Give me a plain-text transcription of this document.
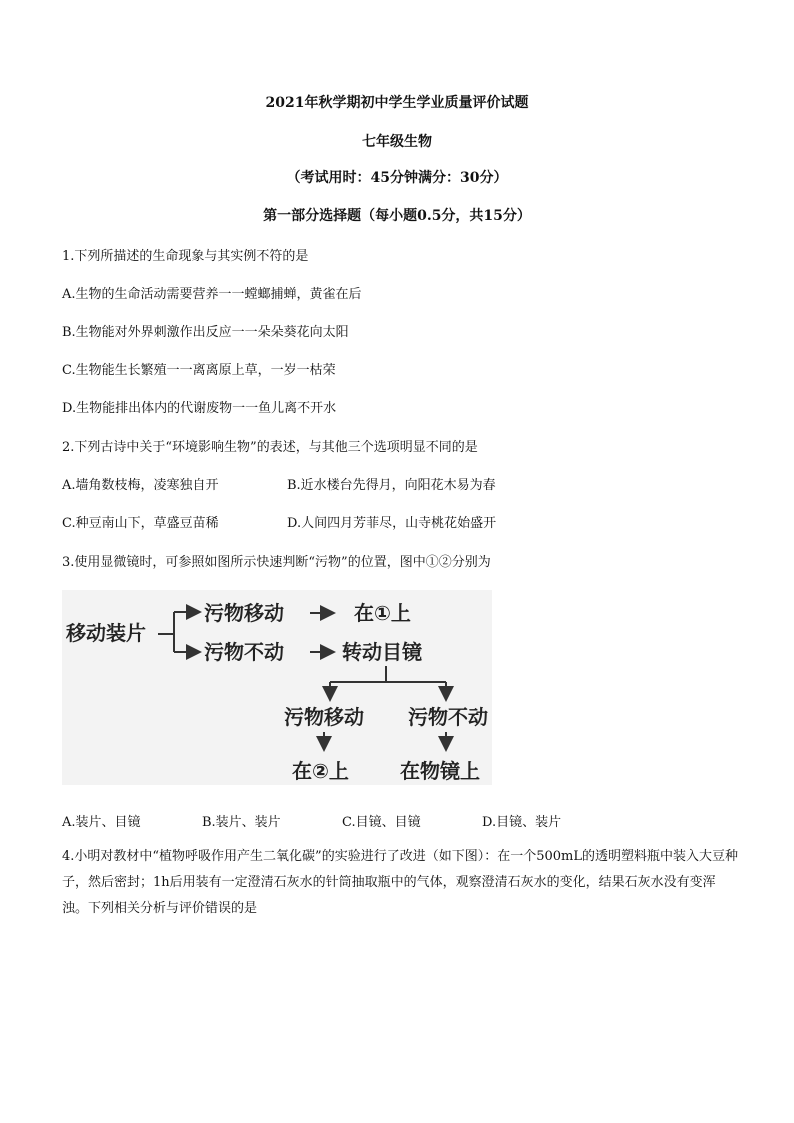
2021年秋学期初中学生学业质量评价试题
七年级生物
（考试用时：45分钟满分：30分）
第一部分选择题（每小题0.5分，共15分）
1.下列所描述的生命现象与其实例不符的是
A.生物的生命活动需要营养一一螳螂捕蝉，黄雀在后
B.生物能对外界刺激作出反应一一朵朵葵花向太阳
C.生物能生长繁殖一一离离原上草，一岁一枯荣
D.生物能排出体内的代谢废物一一鱼儿离不开水
2.下列古诗中关于“环境影响生物”的表述，与其他三个选项明显不同的是
A.墙角数枝梅，凌寒独自开	B.近水楼台先得月，向阳花木易为春
C.种豆南山下，草盛豆苗稀	D.人间四月芳菲尽，山寺桃花始盛开
3.使用显微镜时，可参照如图所示快速判断“污物”的位置，图中①②分别为
移动装片
污物移动	在①上
污物不动	转动目镜
污物移动 污物不动
在②上	在物镜上
A.装片、目镜	B.装片、装片	C.目镜、目镜	D.目镜、装片
4.小明对教材中“植物呼吸作用产生二氧化碳”的实验进行了改进（如下图）：在一个500mL的透明塑料瓶中装入大豆种子，然后密封；1h后用装有一定澄清石灰水的针筒抽取瓶中的气体，观察澄清石灰水的变化，结果石灰水没有变浑浊。下列相关分析与评价错误的是
